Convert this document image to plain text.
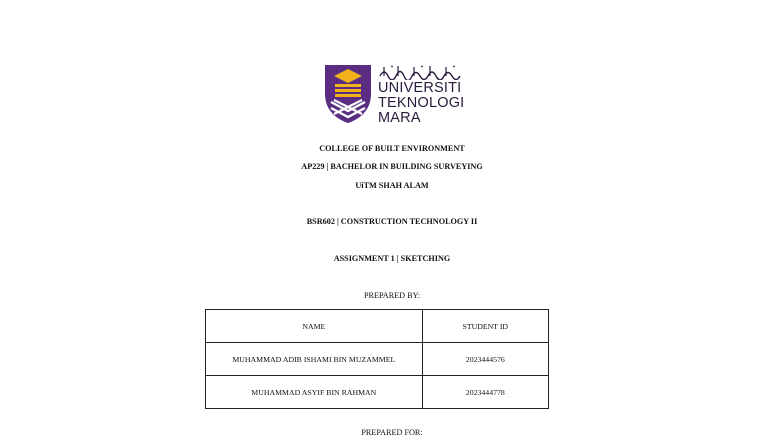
UNIVERSITI
TEKNOLOGI
MARA
COLLEGE OF BUILT ENVIRONMENT
AP229 | BACHELOR IN BUILDING SURVEYING
UiTM SHAH ALAM
BSR602 | CONSTRUCTION TECHNOLOGY II
ASSIGNMENT 1 | SKETCHING
PREPARED BY:
NAME	STUDENT ID
MUHAMMAD ADIB ISHAMI BIN MUZAMMEL	2023444576
MUHAMMAD ASYIF BIN RAHMAN	2023444778
PREPARED FOR:
